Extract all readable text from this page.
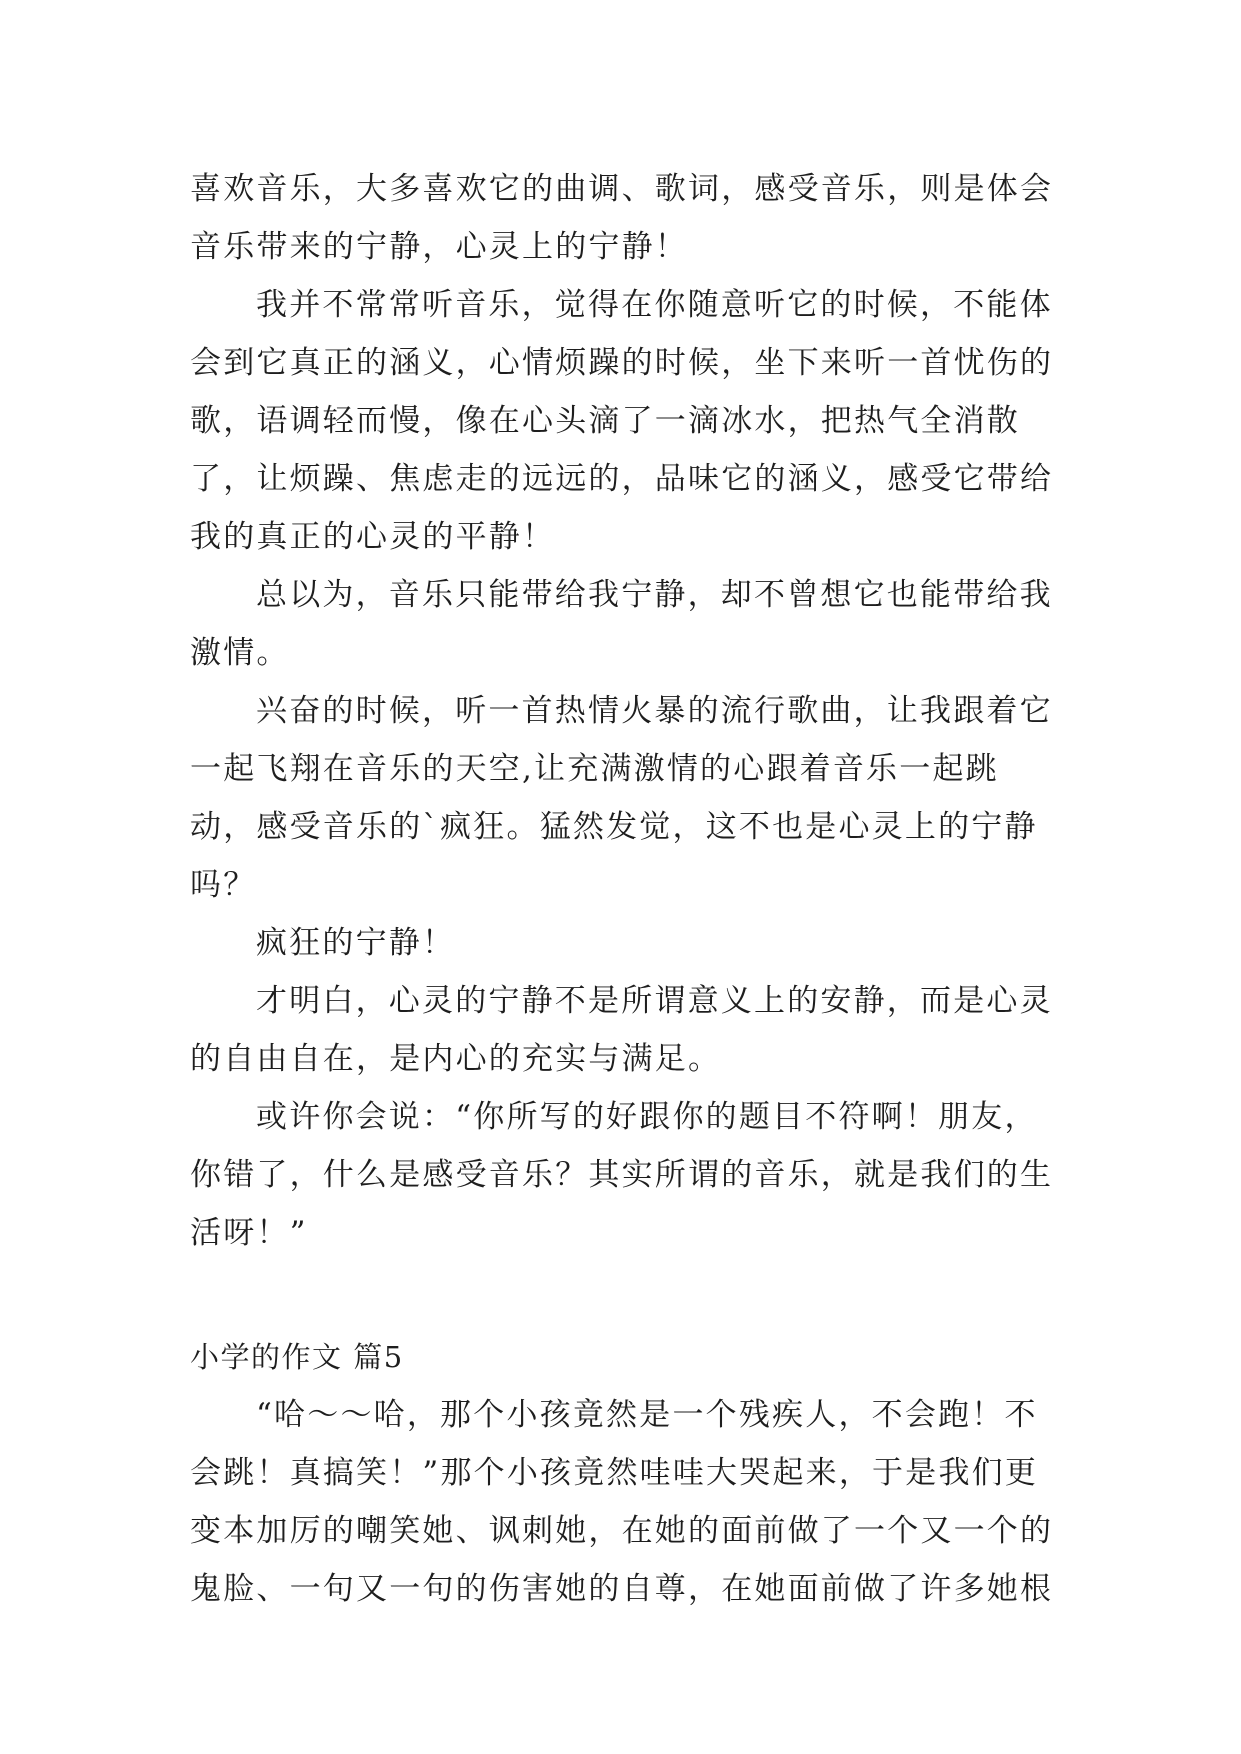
喜欢音乐，大多喜欢它的曲调、歌词，感受音乐，则是体会音乐带来的宁静，心灵上的宁静！

我并不常常听音乐，觉得在你随意听它的时候，不能体会到它真正的涵义，心情烦躁的时候，坐下来听一首忧伤的歌，语调轻而慢，像在心头滴了一滴冰水，把热气全消散了，让烦躁、焦虑走的远远的，品味它的涵义，感受它带给我的真正的心灵的平静！

总以为，音乐只能带给我宁静，却不曾想它也能带给我激情。

兴奋的时候，听一首热情火暴的流行歌曲，让我跟着它一起飞翔在音乐的天空,让充满激情的心跟着音乐一起跳动，感受音乐的`疯狂。猛然发觉，这不也是心灵上的宁静吗？

疯狂的宁静！

才明白，心灵的宁静不是所谓意义上的安静，而是心灵的自由自在，是内心的充实与满足。

或许你会说：“你所写的好跟你的题目不符啊！朋友，你错了，什么是感受音乐？其实所谓的音乐，就是我们的生活呀！”

小学的作文 篇5

“哈～～哈，那个小孩竟然是一个残疾人，不会跑！不会跳！真搞笑！”那个小孩竟然哇哇大哭起来，于是我们更变本加厉的嘲笑她、讽刺她，在她的面前做了一个又一个的鬼脸、一句又一句的伤害她的自尊，在她面前做了许多她根
